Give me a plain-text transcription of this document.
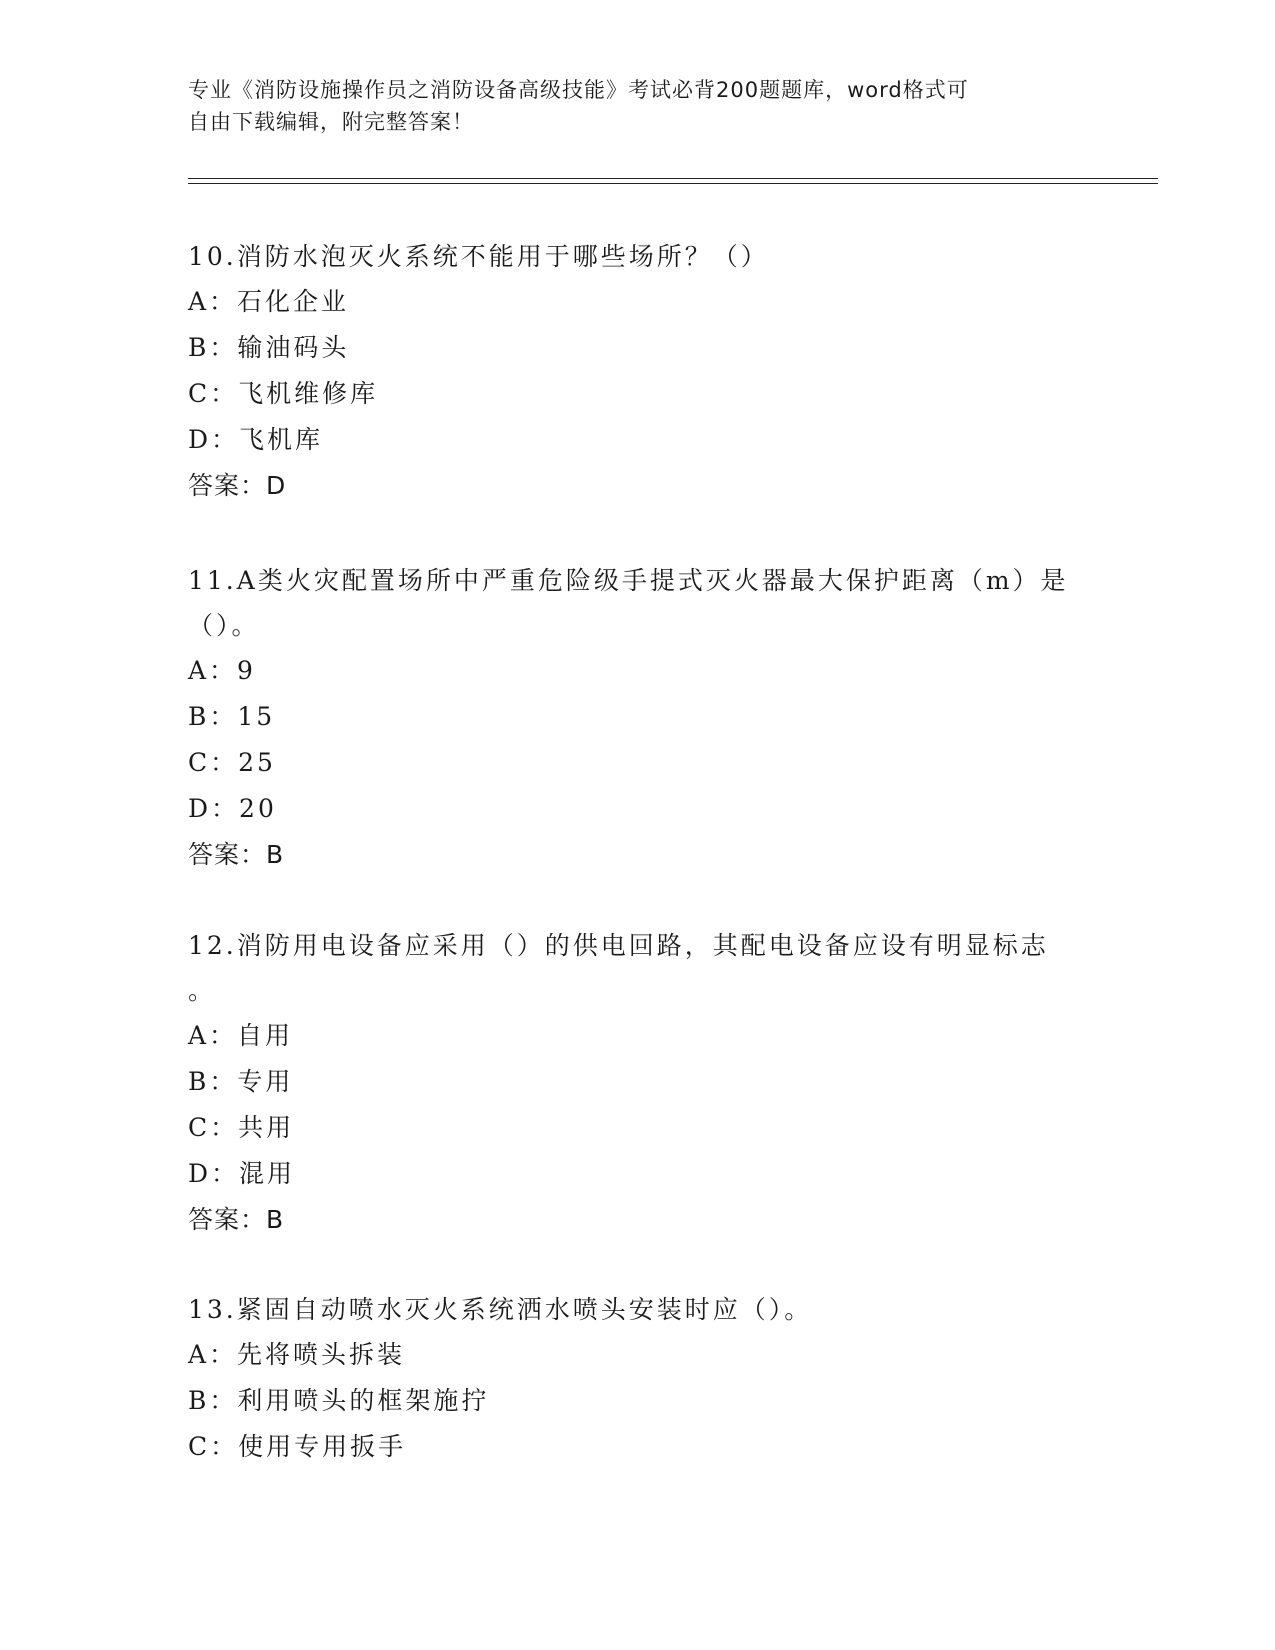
专业《消防设施操作员之消防设备高级技能》考试必背200题题库，word格式可
自由下载编辑，附完整答案！
10.消防水泡灭火系统不能用于哪些场所？（）
A：石化企业
B：输油码头
C：飞机维修库
D：飞机库
答案：D
11.A类火灾配置场所中严重危险级手提式灭火器最大保护距离（m）是
（）。
A：9
B：15
C：25
D：20
答案：B
12.消防用电设备应采用（）的供电回路，其配电设备应设有明显标志
。
A：自用
B：专用
C：共用
D：混用
答案：B
13.紧固自动喷水灭火系统洒水喷头安装时应（）。
A：先将喷头拆装
B：利用喷头的框架施拧
C：使用专用扳手
